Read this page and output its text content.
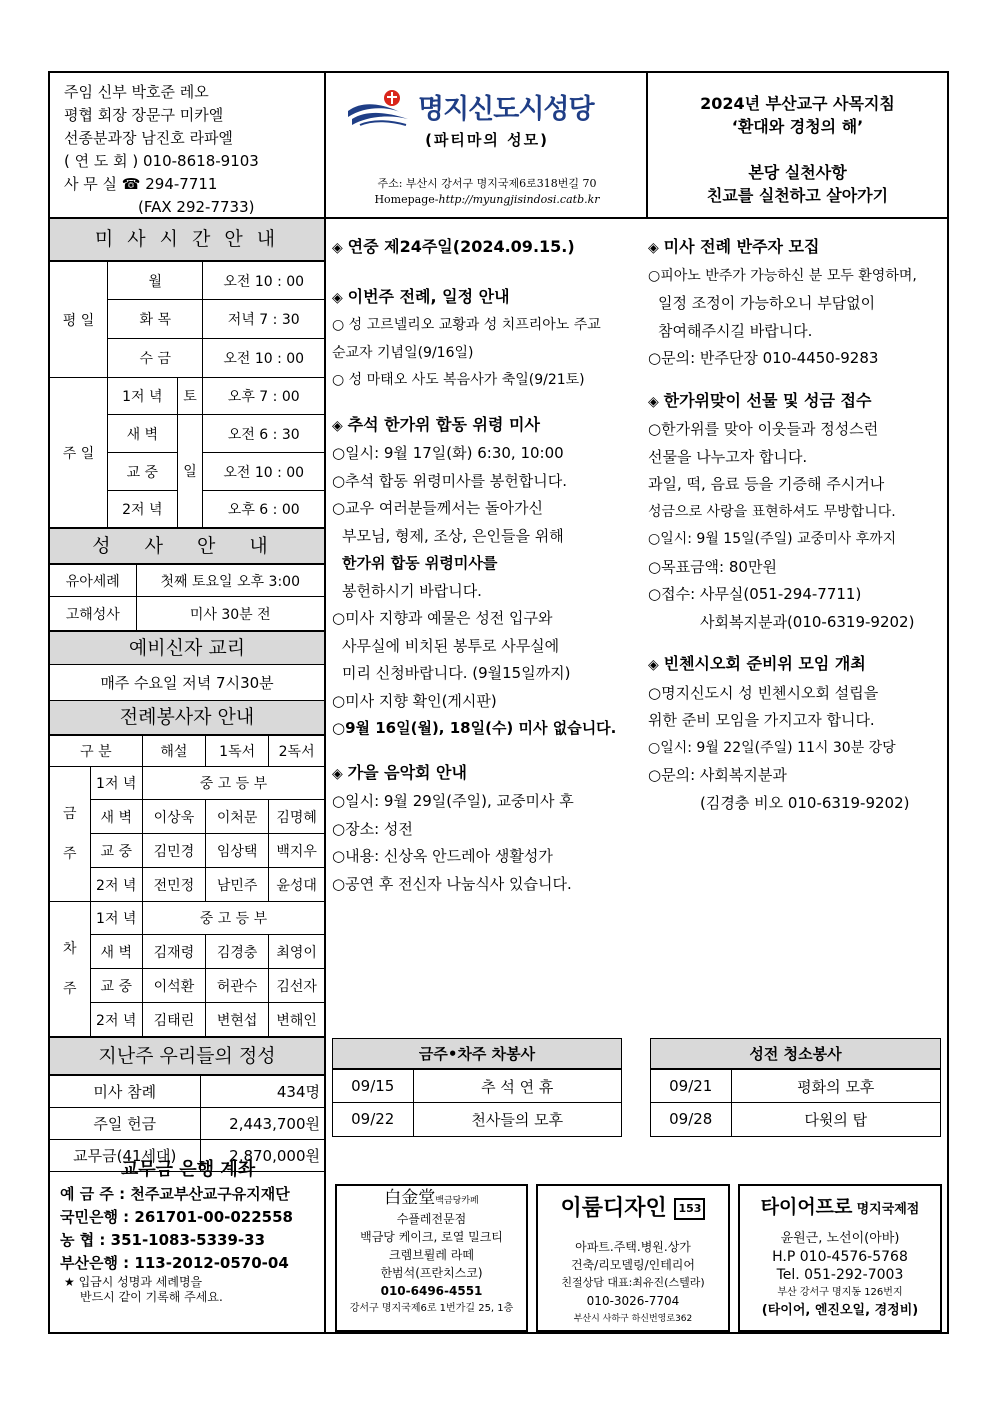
주임 신부 박호준 레오
평협 회장 장문구 미카엘
선종분과장 남진호 라파엘
( 연 도 회 ) 010-8618-9103
사 무 실 ☎ 294-7711
(FAX 292-7733)
명지신도시성당
(파티마의 성모)
주소: 부산시 강서구 명지국제6로318번길 70
Homepage-http://myungjisindosi.catb.kr
2024년 부산교구 사목지침
‘환대와 경청의 해’
본당 실천사항
친교를 실천하고 살아가기
미 사 시 간 안 내
평 일	월		오전 10 : 00
	화 목		저녁 7 : 30
	수 금		오전 10 : 00
주 일	1저 녁	토	오후 7 : 00
	새 벽	일	오전 6 : 30
	교 중		오전 10 : 00
	2저 녁		오후 6 : 00
성 사 안 내
유아세례	첫째 토요일 오후 3:00
고해성사	미사 30분 전
예비신자 교리
매주 수요일 저녁 7시30분
전례봉사자 안내
구 분		해설	1독서	2독서
금
주	1저 녁	중 고 등 부		
	새 벽	이상욱	이처문	김명혜
	교 중	김민경	임상택	백지우
	2저 녁	전민정	남민주	윤성대
차
주	1저 녁	중 고 등 부		
	새 벽	김재령	김경충	최영이
	교 중	이석환	허관수	김선자
	2저 녁	김태린	변현섭	변해인
지난주 우리들의 정성
미사 참례	434명
주일 헌금	2,443,700원
교무금(41세대)	2,870,000원
교무금 은행 계좌
예 금 주 : 천주교부산교구유지재단
국민은행 : 261701-00-022558
농 협 : 351-1083-5339-33
부산은행 : 113-2012-0570-04
★ 입금시 성명과 세례명을
반드시 같이 기록해 주세요.
◈ 연중 제24주일(2024.09.15.)
◈ 이번주 전례, 일정 안내
○ 성 고르넬리오 교황과 성 치프리아노 주교
순교자 기념일(9/16일)
○ 성 마태오 사도 복음사가 축일(9/21토)
◈ 추석 한가위 합동 위령 미사
○일시: 9월 17일(화) 6:30, 10:00
○추석 합동 위령미사를 봉헌합니다.
○교우 여러분들께서는 돌아가신
부모님, 형제, 조상, 은인들을 위해
한가위 합동 위령미사를
봉헌하시기 바랍니다.
○미사 지향과 예물은 성전 입구와
사무실에 비치된 봉투로 사무실에
미리 신청바랍니다. (9월15일까지)
○미사 지향 확인(게시판)
○9월 16일(월), 18일(수) 미사 없습니다.
◈ 가을 음악회 안내
○일시: 9월 29일(주일), 교중미사 후
○장소: 성전
○내용: 신상옥 안드레아 생활성가
○공연 후 전신자 나눔식사 있습니다.
◈ 미사 전례 반주자 모집
○피아노 반주가 가능하신 분 모두 환영하며,
일정 조정이 가능하오니 부담없이
참여해주시길 바랍니다.
○문의: 반주단장 010-4450-9283
◈ 한가위맞이 선물 및 성금 접수
○한가위를 맞아 이웃들과 정성스런
선물을 나누고자 합니다.
과일, 떡, 음료 등을 기증해 주시거나
성금으로 사랑을 표현하셔도 무방합니다.
○일시: 9월 15일(주일) 교중미사 후까지
○목표금액: 80만원
○접수: 사무실(051-294-7711)
사회복지분과(010-6319-9202)
◈ 빈첸시오회 준비위 모임 개최
○명지신도시 성 빈첸시오회 설립을
위한 준비 모임을 가지고자 합니다.
○일시: 9월 22일(주일) 11시 30분 강당
○문의: 사회복지분과
(김경충 비오 010-6319-9202)
금주•차주 차봉사
09/15	추 석 연 휴
09/22	천사들의 모후
성전 청소봉사
09/21	평화의 모후
09/28	다윗의 탑
白金堂백금당카페
수플레전문점
백금당 케이크, 로열 밀크티
크렘브륄레 라떼
한범석(프란치스코)
010-6496-4551
강서구 명지국제6로 1번가길 25, 1층
이룸디자인 153
아파트.주택.병원.상가
건축/리모델링/인테리어
친절상담 대표:최유진(스텔라)
010-3026-7704
부산시 사하구 하신번영로362
타이어프로 명지국제점
윤원근, 노선이(아바)
H.P 010-4576-5768
Tel. 051-292-7003
부산 강서구 명지동 126번지
(타이어, 엔진오일, 경정비)
